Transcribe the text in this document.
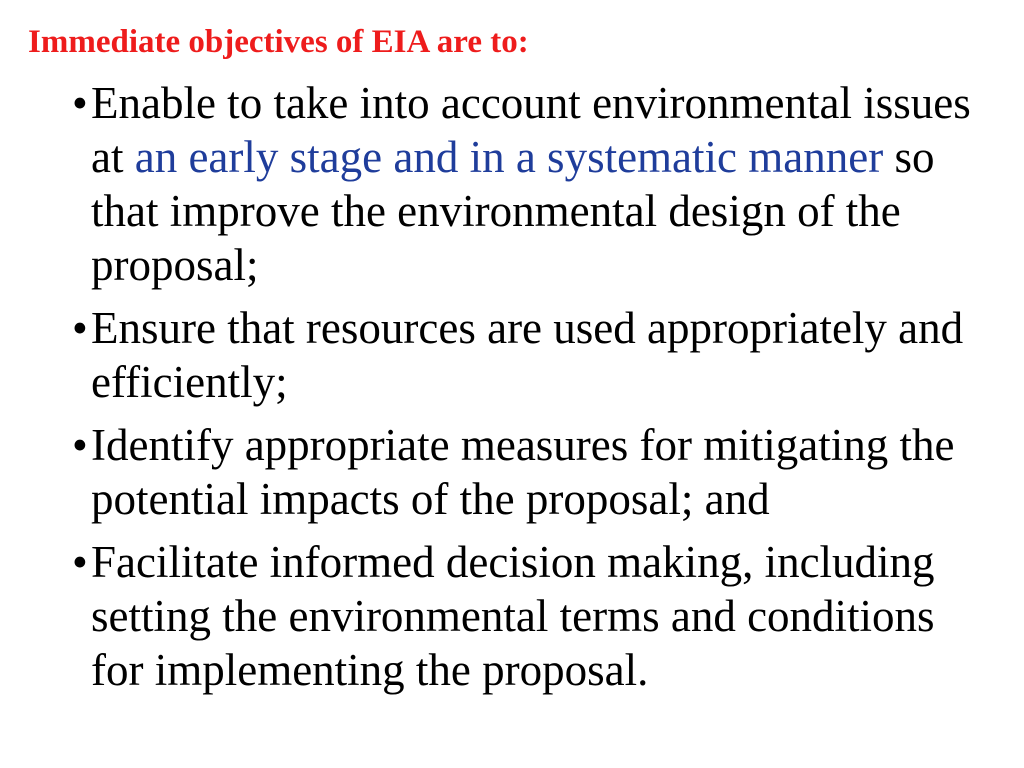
Immediate objectives of EIA are to:
• Enable to take into account environmental issues at an early stage and in a systematic manner so that improve the environmental design of the proposal;
• Ensure that resources are used appropriately and efficiently;
• Identify appropriate measures for mitigating the potential impacts of the proposal; and
• Facilitate informed decision making, including setting the environmental terms and conditions for implementing the proposal.
